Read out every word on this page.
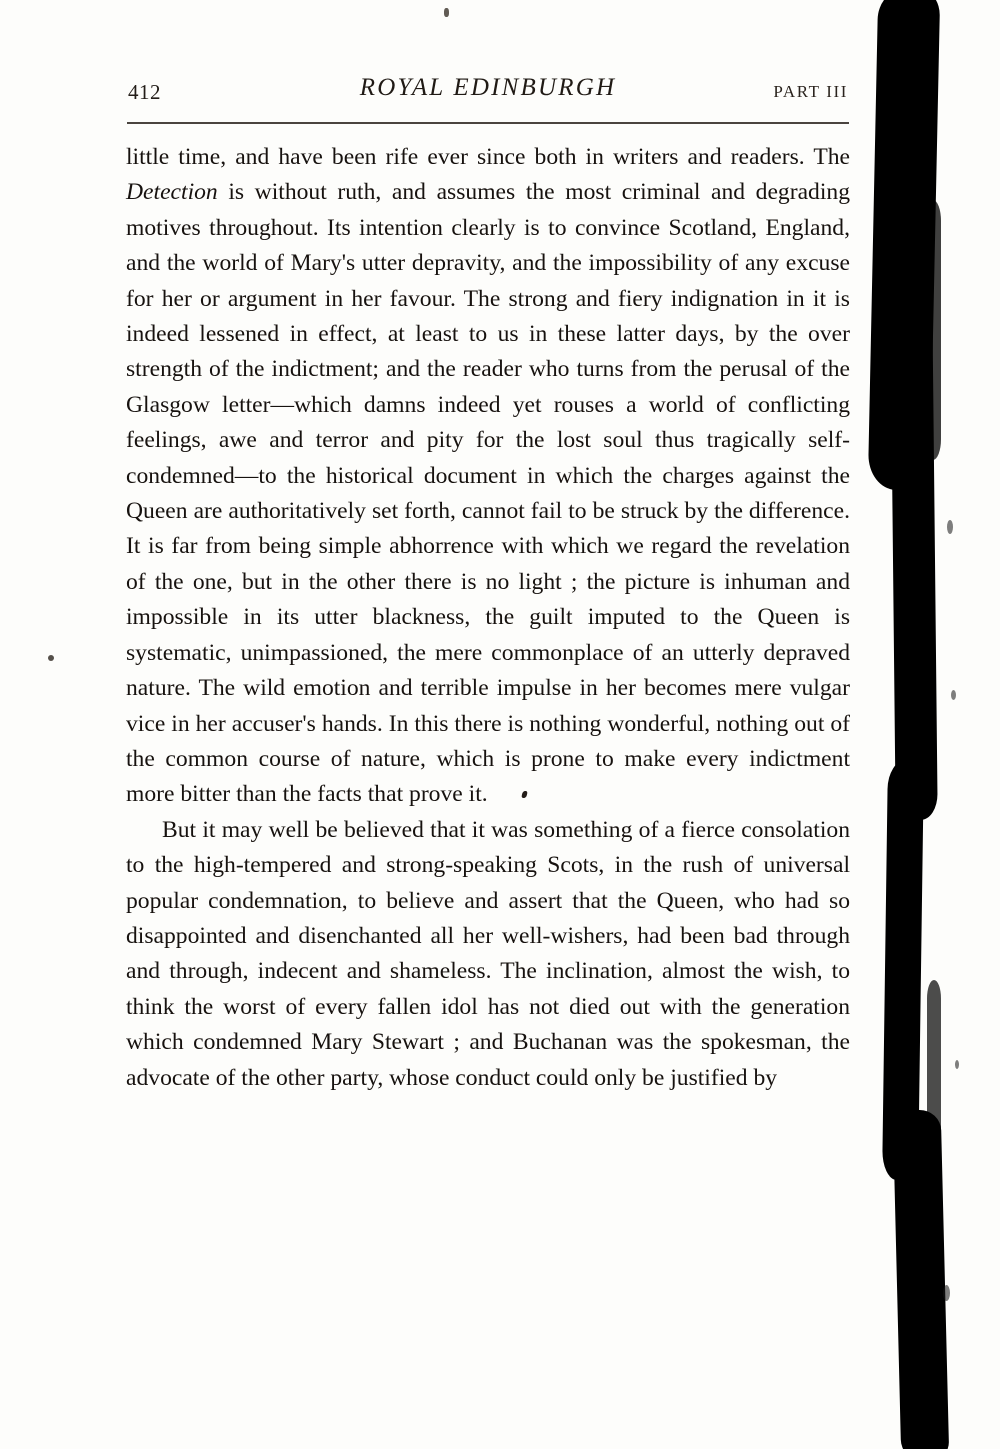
412	ROYAL EDINBURGH	PART III

little time, and have been rife ever since both in writers and readers. The Detection is without ruth, and assumes the most criminal and degrading motives throughout. Its intention clearly is to convince Scotland, England, and the world of Mary's utter depravity, and the impossibility of any excuse for her or argument in her favour. The strong and fiery indignation in it is indeed lessened in effect, at least to us in these latter days, by the over strength of the indictment; and the reader who turns from the perusal of the Glasgow letter—which damns indeed yet rouses a world of conflicting feelings, awe and terror and pity for the lost soul thus tragically self-condemned—to the historical document in which the charges against the Queen are authoritatively set forth, cannot fail to be struck by the difference. It is far from being simple abhorrence with which we regard the revelation of the one, but in the other there is no light ; the picture is inhuman and impossible in its utter blackness, the guilt imputed to the Queen is systematic, unimpassioned, the mere commonplace of an utterly depraved nature. The wild emotion and terrible impulse in her becomes mere vulgar vice in her accuser's hands. In this there is nothing wonderful, nothing out of the common course of nature, which is prone to make every indictment more bitter than the facts that prove it.

But it may well be believed that it was something of a fierce consolation to the high-tempered and strong-speaking Scots, in the rush of universal popular condemnation, to believe and assert that the Queen, who had so disappointed and disenchanted all her well-wishers, had been bad through and through, indecent and shameless. The inclination, almost the wish, to think the worst of every fallen idol has not died out with the generation which condemned Mary Stewart ; and Buchanan was the spokesman, the advocate of the other party, whose conduct could only be justified by
